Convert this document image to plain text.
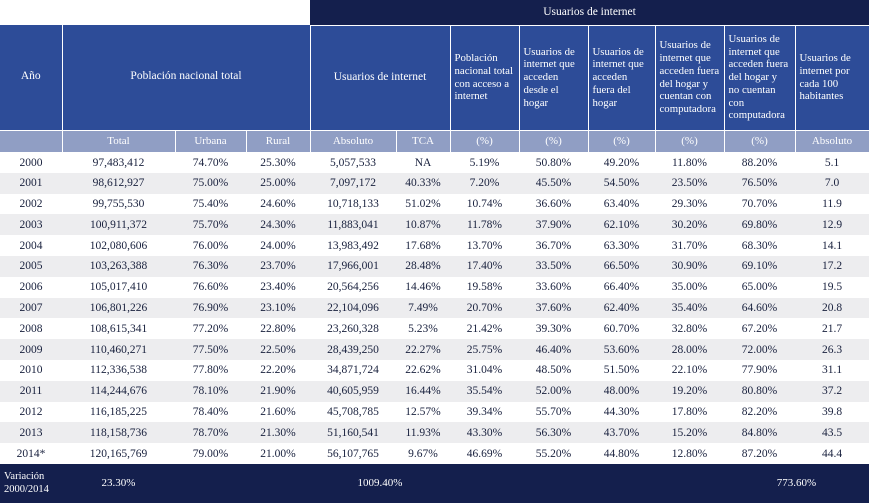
				Usuarios de internet							
Año	Población nacional total			Usuarios de internet		Población nacional total con acceso a internet	Usuarios de internet que acceden desde el hogar	Usuarios de internet que acceden fuera del hogar	Usuarios de internet que acceden fuera del hogar y cuentan con computadora	Usuarios de internet que acceden fuera del hogar y no cuentan con computadora	Usuarios de internet por cada 100 habitantes
	Total	Urbana	Rural	Absoluto	TCA	(%)	(%)	(%)	(%)	(%)	Absoluto
2000	97,483,412	74.70%	25.30%	5,057,533	NA	5.19%	50.80%	49.20%	11.80%	88.20%	5.1
2001	98,612,927	75.00%	25.00%	7,097,172	40.33%	7.20%	45.50%	54.50%	23.50%	76.50%	7.0
2002	99,755,530	75.40%	24.60%	10,718,133	51.02%	10.74%	36.60%	63.40%	29.30%	70.70%	11.9
2003	100,911,372	75.70%	24.30%	11,883,041	10.87%	11.78%	37.90%	62.10%	30.20%	69.80%	12.9
2004	102,080,606	76.00%	24.00%	13,983,492	17.68%	13.70%	36.70%	63.30%	31.70%	68.30%	14.1
2005	103,263,388	76.30%	23.70%	17,966,001	28.48%	17.40%	33.50%	66.50%	30.90%	69.10%	17.2
2006	105,017,410	76.60%	23.40%	20,564,256	14.46%	19.58%	33.60%	66.40%	35.00%	65.00%	19.5
2007	106,801,226	76.90%	23.10%	22,104,096	7.49%	20.70%	37.60%	62.40%	35.40%	64.60%	20.8
2008	108,615,341	77.20%	22.80%	23,260,328	5.23%	21.42%	39.30%	60.70%	32.80%	67.20%	21.7
2009	110,460,271	77.50%	22.50%	28,439,250	22.27%	25.75%	46.40%	53.60%	28.00%	72.00%	26.3
2010	112,336,538	77.80%	22.20%	34,871,724	22.62%	31.04%	48.50%	51.50%	22.10%	77.90%	31.1
2011	114,244,676	78.10%	21.90%	40,605,959	16.44%	35.54%	52.00%	48.00%	19.20%	80.80%	37.2
2012	116,185,225	78.40%	21.60%	45,708,785	12.57%	39.34%	55.70%	44.30%	17.80%	82.20%	39.8
2013	118,158,736	78.70%	21.30%	51,160,541	11.93%	43.30%	56.30%	43.70%	15.20%	84.80%	43.5
2014*	120,165,769	79.00%	21.00%	56,107,765	9.67%	46.69%	55.20%	44.80%	12.80%	87.20%	44.4
Variación 2000/2014	23.30%			1009.40%						773.60%	
